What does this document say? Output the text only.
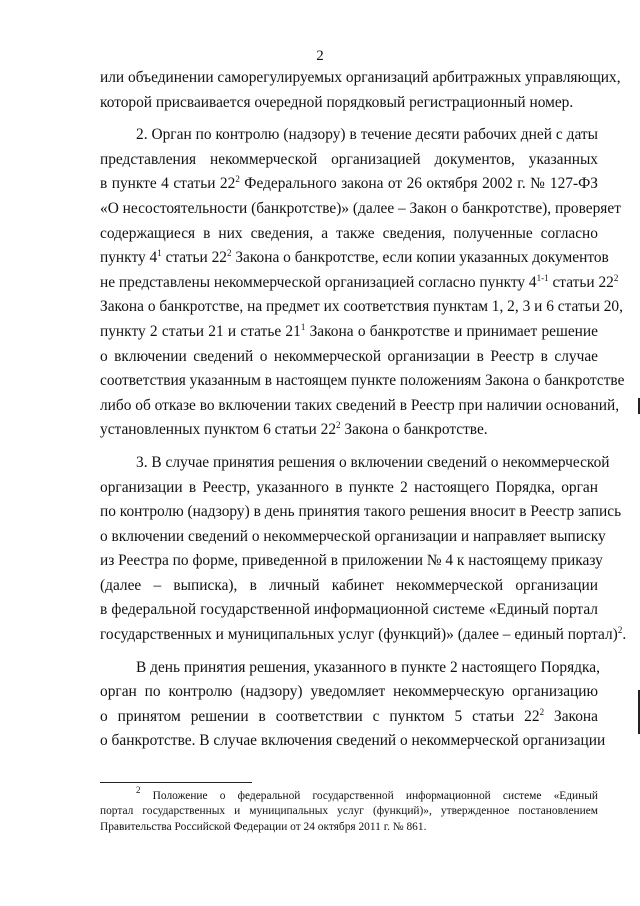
2
или объединении саморегулируемых организаций арбитражных управляющих,
которой присваивается очередной порядковый регистрационный номер.
2. Орган по контролю (надзору) в течение десяти рабочих дней с даты
представления некоммерческой организацией документов, указанных
в пункте 4 статьи $22^2$ Федерального закона от 26 октября 2002 г. № 127-ФЗ
«О несостоятельности (банкротстве)» (далее – Закон о банкротстве), проверяет
содержащиеся в них сведения, а также сведения, полученные согласно
пункту $4^1$ статьи $22^2$ Закона о банкротстве, если копии указанных документов
не представлены некоммерческой организацией согласно пункту 4$^{1-1}$ статьи $22^2$
Закона о банкротстве, на предмет их соответствия пунктам 1, 2, 3 и 6 статьи 20,
пункту 2 статьи 21 и статье $21^1$ Закона о банкротстве и принимает решение
о включении сведений о некоммерческой организации в Реестр в случае
соответствия указанным в настоящем пункте положениям Закона о банкротстве
либо об отказе во включении таких сведений в Реестр при наличии оснований,
установленных пунктом 6 статьи $22^2$ Закона о банкротстве.
3. В случае принятия решения о включении сведений о некоммерческой
организации в Реестр, указанного в пункте 2 настоящего Порядка, орган
по контролю (надзору) в день принятия такого решения вносит в Реестр запись
о включении сведений о некоммерческой организации и направляет выписку
из Реестра по форме, приведенной в приложении № 4 к настоящему приказу
(далее – выписка), в личный кабинет некоммерческой организации
в федеральной государственной информационной системе «Единый портал
государственных и муниципальных услуг (функций)» (далее – единый портал)$^2$.
В день принятия решения, указанного в пункте 2 настоящего Порядка,
орган по контролю (надзору) уведомляет некоммерческую организацию
о принятом решении в соответствии с пунктом 5 статьи $22^2$ Закона
о банкротстве. В случае включения сведений о некоммерческой организации
$^2$ Положение о федеральной государственной информационной системе «Единый
портал государственных и муниципальных услуг (функций)», утвержденное постановлением
Правительства Российской Федерации от 24 октября 2011 г. № 861.
